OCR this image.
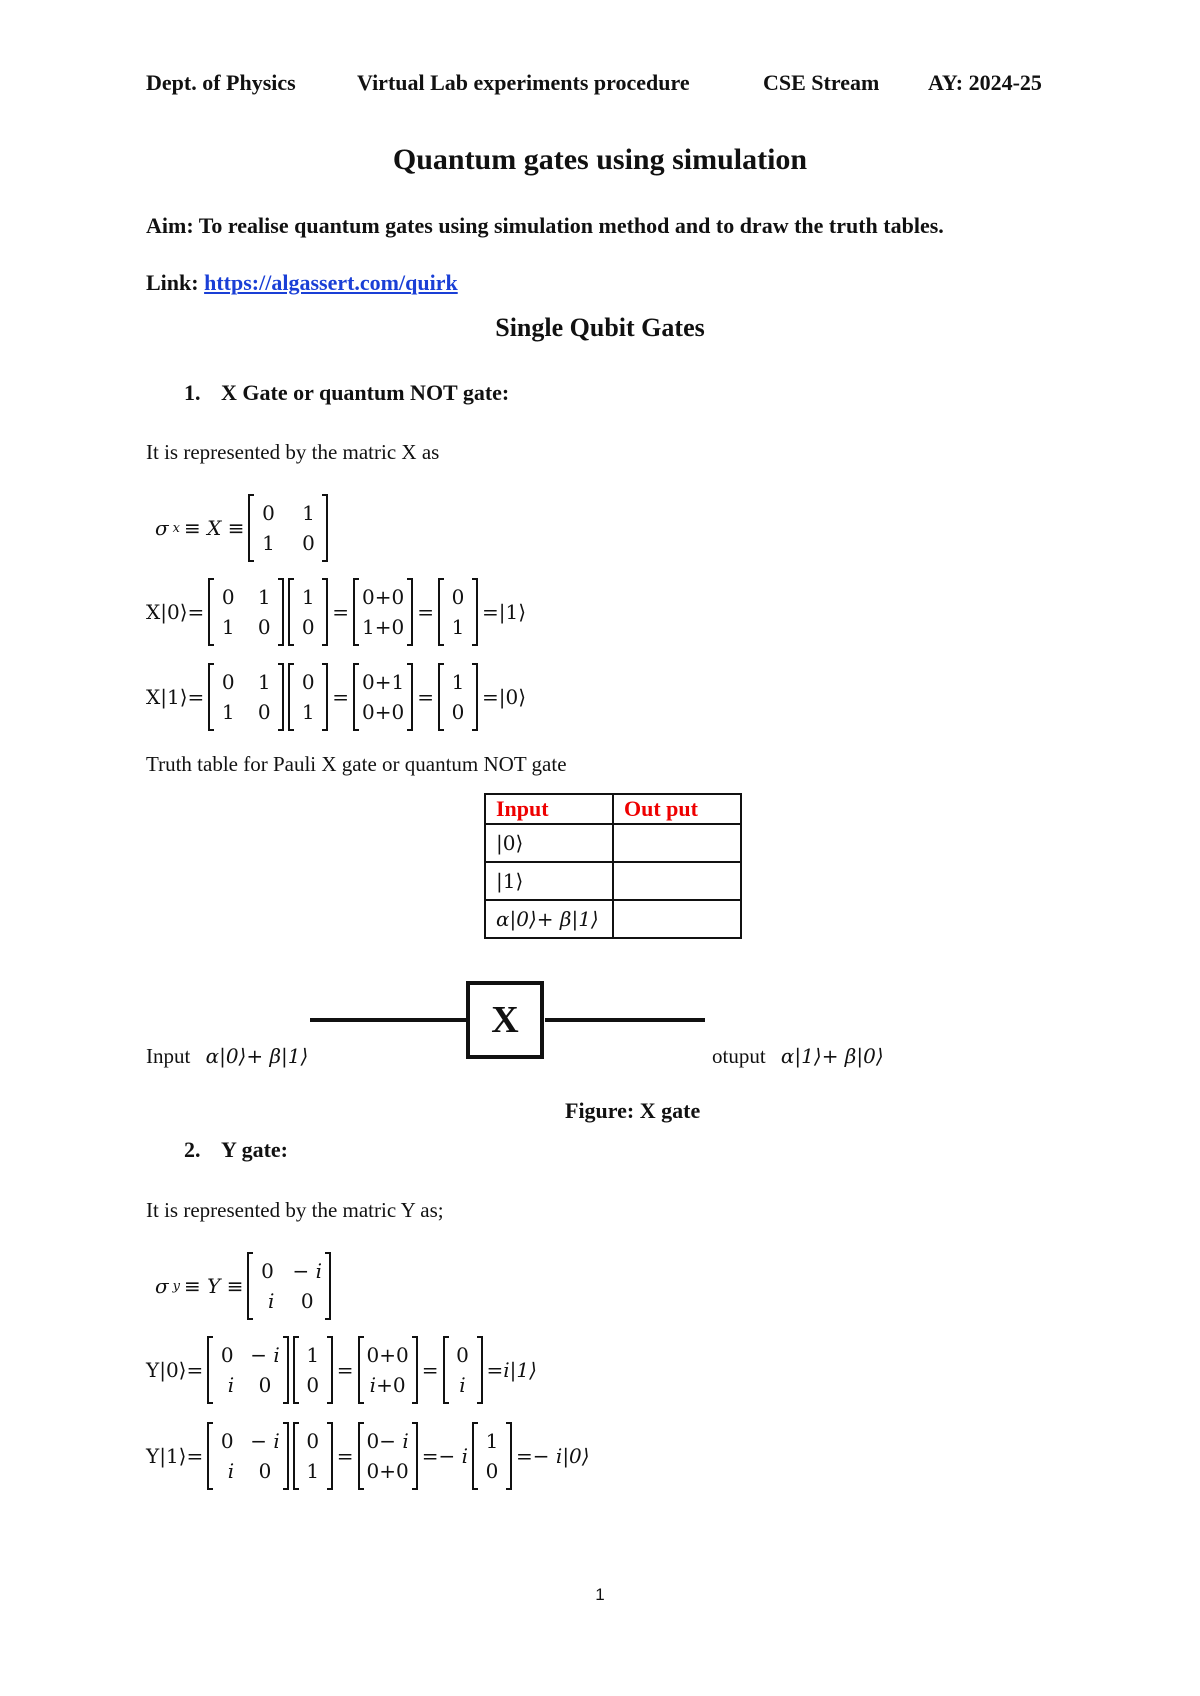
Dept. of Physics	Virtual Lab experiments procedure	CSE Stream AY: 2024-25
Quantum gates using simulation
Aim: To realise quantum gates using simulation method and to draw the truth tables.
Link: https://algassert.com/quirk
Single Qubit Gates
1. X Gate or quantum NOT gate:
It is represented by the matric X as
σ x ≡ X ≡
0 1
1 0
X|0⟩=
0 1
1 0
1
0
=
0+0
1+0
=
0
1
=|1⟩
X|1⟩=
0 1
1 0
0
1
=
0+1
0+0
=
1
0
=|0⟩
Truth table for Pauli X gate or quantum NOT gate
Input	Out put
|0⟩	
|1⟩	
α|0⟩+ β|1⟩	
X
Input α|0⟩+ β|1⟩	otuput α|1⟩+ β|0⟩
Figure: X gate
2. Y gate:
It is represented by the matric Y as;
σ y ≡ Y ≡
0 − i
i 0
Y|0⟩=
0 − i
i 0
1
0
=
0+0
i+0
=
0
i
=i|1⟩
Y|1⟩=
0 − i
i 0
0
1
=
0− i
0+0
=− i
1
0
=− i|0⟩
1
